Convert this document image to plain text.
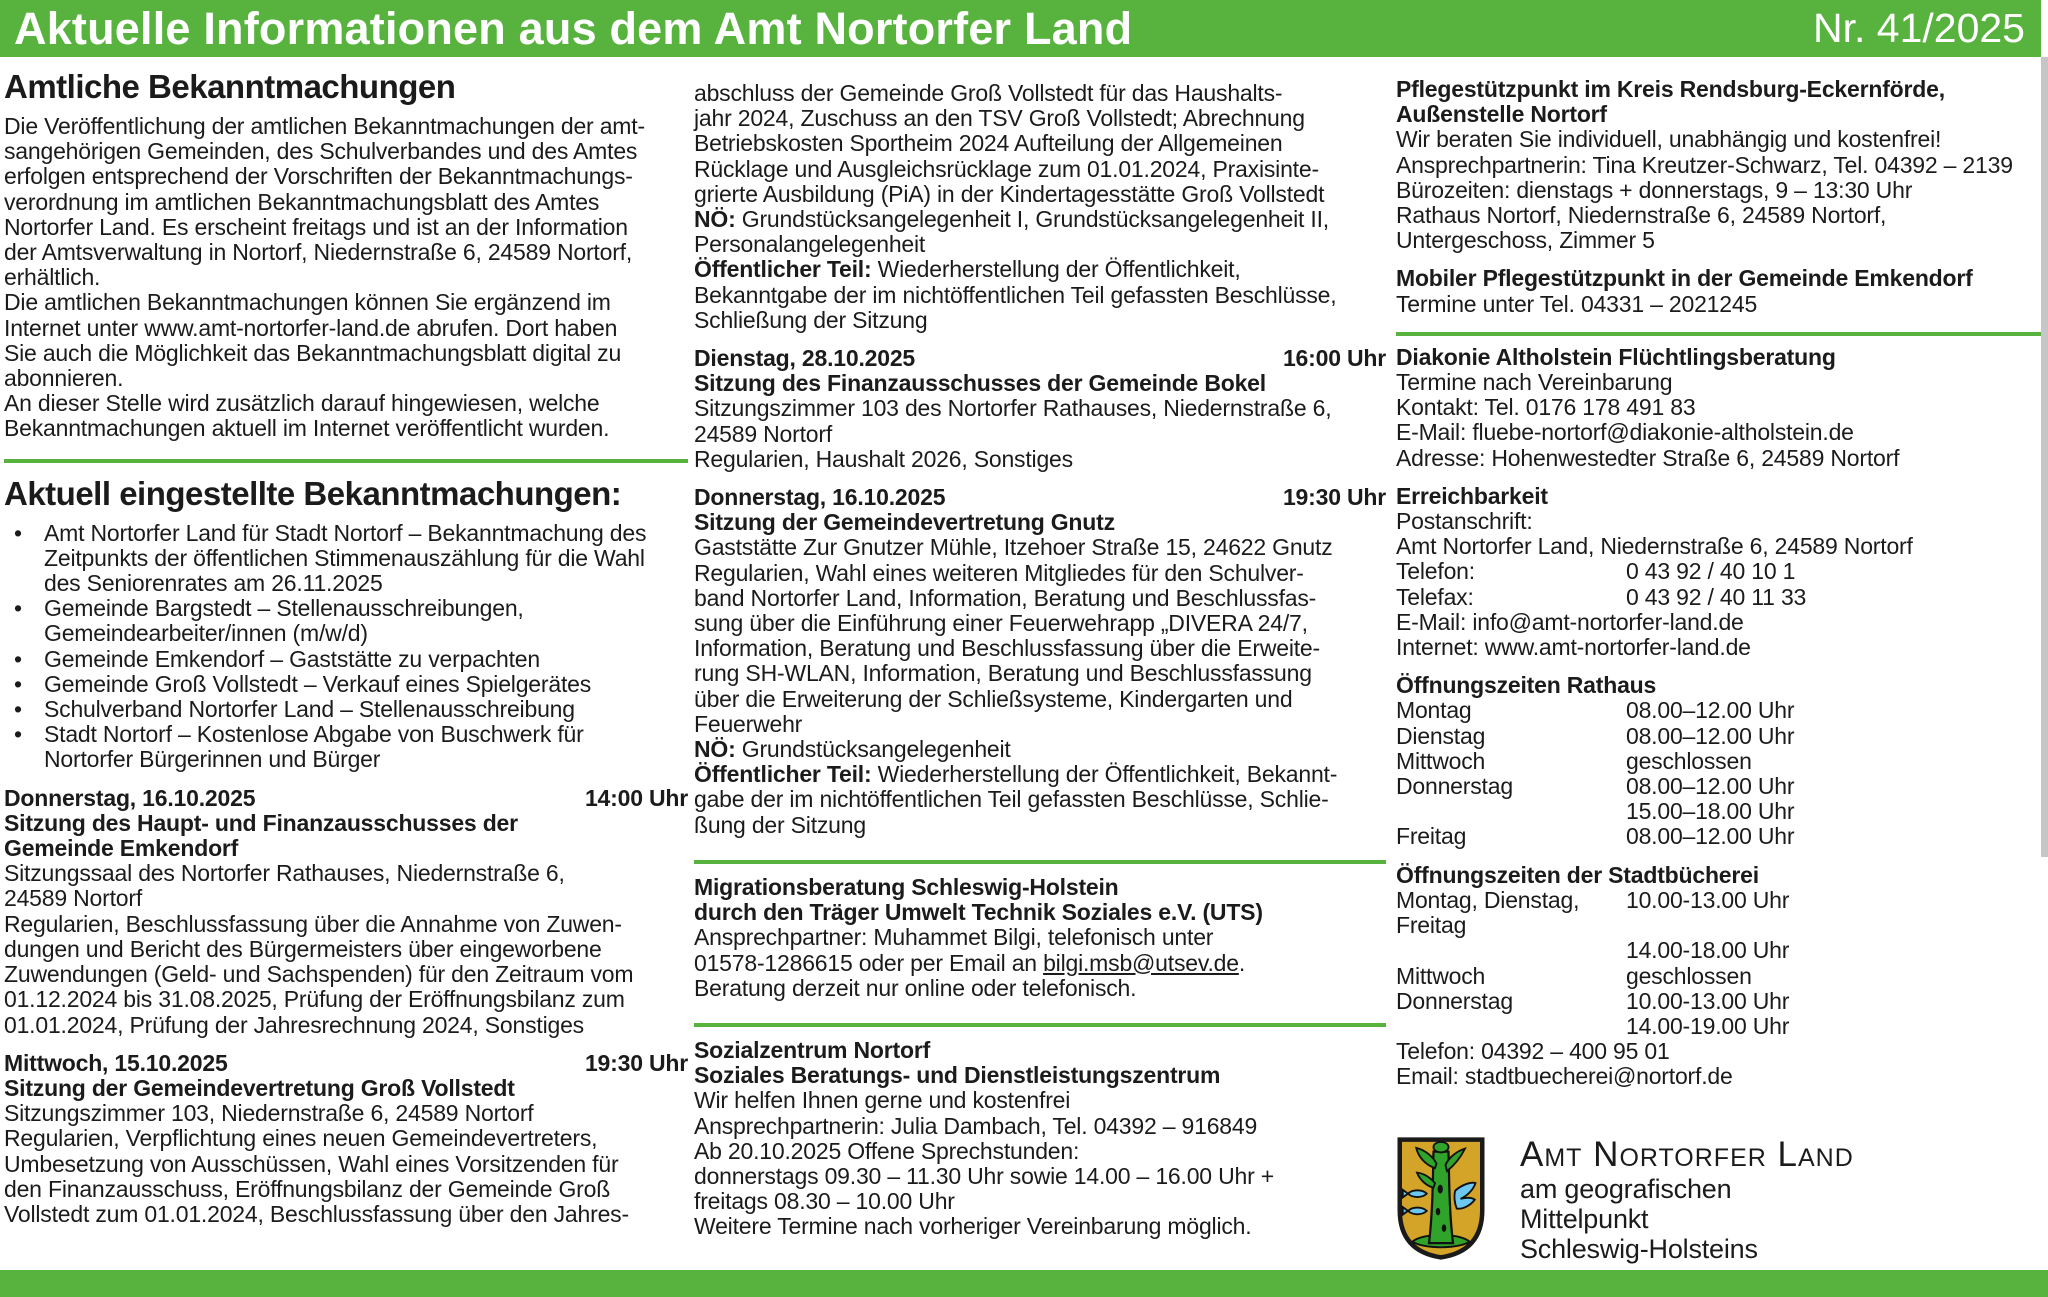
Aktuelle Informationen aus dem Amt Nortorfer Land	Nr. 41/2025
Amtliche Bekanntmachungen
Die Veröffentlichung der amtlichen Bekanntmachungen der amt-
sangehörigen Gemeinden, des Schulverbandes und des Amtes
erfolgen entsprechend der Vorschriften der Bekanntmachungs-
verordnung im amtlichen Bekanntmachungsblatt des Amtes
Nortorfer Land. Es erscheint freitags und ist an der Information
der Amtsverwaltung in Nortorf, Niedernstraße 6, 24589 Nortorf,
erhältlich.
Die amtlichen Bekanntmachungen können Sie ergänzend im
Internet unter www.amt-nortorfer-land.de abrufen. Dort haben
Sie auch die Möglichkeit das Bekanntmachungsblatt digital zu
abonnieren.
An dieser Stelle wird zusätzlich darauf hingewiesen, welche
Bekanntmachungen aktuell im Internet veröffentlicht wurden.
Aktuell eingestellte Bekanntmachungen:
• Amt Nortorfer Land für Stadt Nortorf – Bekanntmachung des
Zeitpunkts der öffentlichen Stimmenauszählung für die Wahl
des Seniorenrates am 26.11.2025
• Gemeinde Bargstedt – Stellenausschreibungen,
Gemeindearbeiter/innen (m/w/d)
• Gemeinde Emkendorf – Gaststätte zu verpachten
• Gemeinde Groß Vollstedt – Verkauf eines Spielgerätes
• Schulverband Nortorfer Land – Stellenausschreibung
• Stadt Nortorf – Kostenlose Abgabe von Buschwerk für
Nortorfer Bürgerinnen und Bürger
Donnerstag, 16.10.2025	14:00 Uhr
Sitzung des Haupt- und Finanzausschusses der
Gemeinde Emkendorf
Sitzungssaal des Nortorfer Rathauses, Niedernstraße 6,
24589 Nortorf
Regularien, Beschlussfassung über die Annahme von Zuwen-
dungen und Bericht des Bürgermeisters über eingeworbene
Zuwendungen (Geld- und Sachspenden) für den Zeitraum vom
01.12.2024 bis 31.08.2025, Prüfung der Eröffnungsbilanz zum
01.01.2024, Prüfung der Jahresrechnung 2024, Sonstiges
Mittwoch, 15.10.2025	19:30 Uhr
Sitzung der Gemeindevertretung Groß Vollstedt
Sitzungszimmer 103, Niedernstraße 6, 24589 Nortorf
Regularien, Verpflichtung eines neuen Gemeindevertreters,
Umbesetzung von Ausschüssen, Wahl eines Vorsitzenden für
den Finanzausschuss, Eröffnungsbilanz der Gemeinde Groß
Vollstedt zum 01.01.2024, Beschlussfassung über den Jahres-
abschluss der Gemeinde Groß Vollstedt für das Haushalts-
jahr 2024, Zuschuss an den TSV Groß Vollstedt; Abrechnung
Betriebskosten Sportheim 2024 Aufteilung der Allgemeinen
Rücklage und Ausgleichsrücklage zum 01.01.2024, Praxisinte-
grierte Ausbildung (PiA) in der Kindertagesstätte Groß Vollstedt
NÖ: Grundstücksangelegenheit I, Grundstücksangelegenheit II,
Personalangelegenheit
Öffentlicher Teil: Wiederherstellung der Öffentlichkeit,
Bekanntgabe der im nichtöffentlichen Teil gefassten Beschlüsse,
Schließung der Sitzung
Dienstag, 28.10.2025	16:00 Uhr
Sitzung des Finanzausschusses der Gemeinde Bokel
Sitzungszimmer 103 des Nortorfer Rathauses, Niedernstraße 6,
24589 Nortorf
Regularien, Haushalt 2026, Sonstiges
Donnerstag, 16.10.2025	19:30 Uhr
Sitzung der Gemeindevertretung Gnutz
Gaststätte Zur Gnutzer Mühle, Itzehoer Straße 15, 24622 Gnutz
Regularien, Wahl eines weiteren Mitgliedes für den Schulver-
band Nortorfer Land, Information, Beratung und Beschlussfas-
sung über die Einführung einer Feuerwehrapp „DIVERA 24/7,
Information, Beratung und Beschlussfassung über die Erweite-
rung SH-WLAN, Information, Beratung und Beschlussfassung
über die Erweiterung der Schließsysteme, Kindergarten und
Feuerwehr
NÖ: Grundstücksangelegenheit
Öffentlicher Teil: Wiederherstellung der Öffentlichkeit, Bekannt-
gabe der im nichtöffentlichen Teil gefassten Beschlüsse, Schlie-
ßung der Sitzung
Migrationsberatung Schleswig-Holstein
durch den Träger Umwelt Technik Soziales e.V. (UTS)
Ansprechpartner: Muhammet Bilgi, telefonisch unter
01578-1286615 oder per Email an bilgi.msb@utsev.de.
Beratung derzeit nur online oder telefonisch.
Sozialzentrum Nortorf
Soziales Beratungs- und Dienstleistungszentrum
Wir helfen Ihnen gerne und kostenfrei
Ansprechpartnerin: Julia Dambach, Tel. 04392 – 916849
Ab 20.10.2025 Offene Sprechstunden:
donnerstags 09.30 – 11.30 Uhr sowie 14.00 – 16.00 Uhr +
freitags 08.30 – 10.00 Uhr
Weitere Termine nach vorheriger Vereinbarung möglich.
Pflegestützpunkt im Kreis Rendsburg-Eckernförde,
Außenstelle Nortorf
Wir beraten Sie individuell, unabhängig und kostenfrei!
Ansprechpartnerin: Tina Kreutzer-Schwarz, Tel. 04392 – 2139
Bürozeiten: dienstags + donnerstags, 9 – 13:30 Uhr
Rathaus Nortorf, Niedernstraße 6, 24589 Nortorf,
Untergeschoss, Zimmer 5
Mobiler Pflegestützpunkt in der Gemeinde Emkendorf
Termine unter Tel. 04331 – 2021245
Diakonie Altholstein Flüchtlingsberatung
Termine nach Vereinbarung
Kontakt: Tel. 0176 178 491 83
E-Mail: fluebe-nortorf@diakonie-altholstein.de
Adresse: Hohenwestedter Straße 6, 24589 Nortorf
Erreichbarkeit
Postanschrift:
Amt Nortorfer Land, Niedernstraße 6, 24589 Nortorf
Telefon:	0 43 92 / 40 10 1
Telefax:	0 43 92 / 40 11 33
E-Mail: info@amt-nortorfer-land.de
Internet: www.amt-nortorfer-land.de
Öffnungszeiten Rathaus
Montag	08.00–12.00 Uhr
Dienstag	08.00–12.00 Uhr
Mittwoch	geschlossen
Donnerstag	08.00–12.00 Uhr
15.00–18.00 Uhr
Freitag	08.00–12.00 Uhr
Öffnungszeiten der Stadtbücherei
Montag, Dienstag, Freitag
10.00-13.00 Uhr
14.00-18.00 Uhr
Mittwoch	geschlossen
Donnerstag	10.00-13.00 Uhr
14.00-19.00 Uhr
Telefon: 04392 – 400 95 01
Email: stadtbuecherei@nortorf.de
Amt Nortorfer Land
am geografischen
Mittelpunkt
Schleswig-Holsteins
